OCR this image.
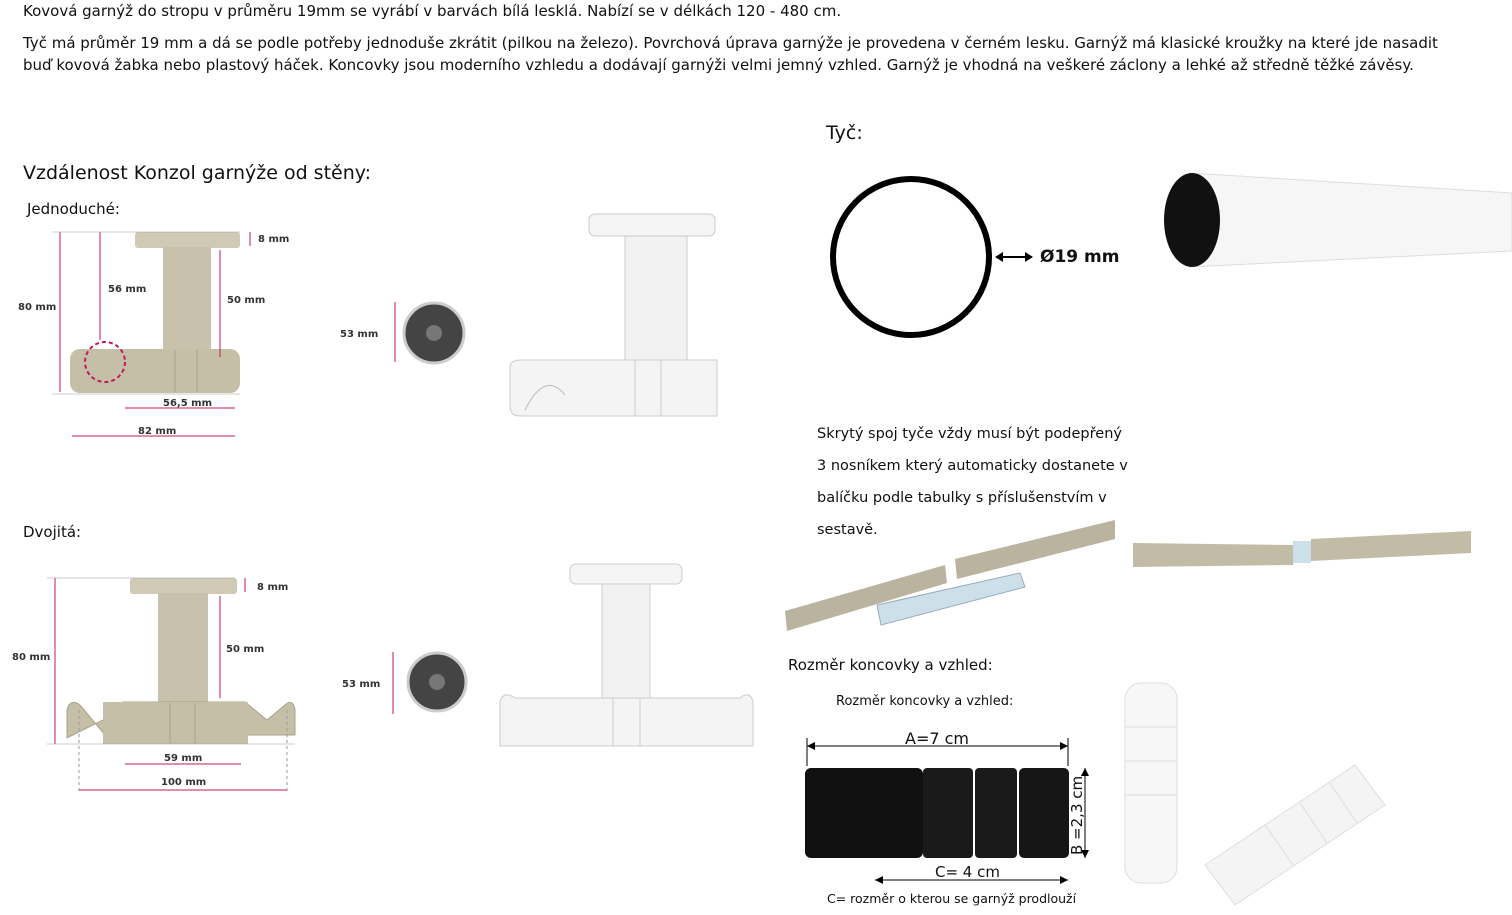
Kovová garnýž do stropu v průměru 19mm se vyrábí v barvách bílá lesklá. Nabízí se v délkách 120 - 480 cm.

Tyč má průměr 19 mm a dá se podle potřeby jednoduše zkrátit (pilkou na železo). Povrchová úprava garnýže je provedena v černém lesku. Garnýž má klasické kroužky na které jde nasadit buď kovová žabka nebo plastový háček. Koncovky jsou moderního vzhledu a dodávají garnýži velmi jemný vzhled. Garnýž je vhodná na veškeré záclony a lehké až středně těžké závěsy.

Vzdálenost Konzol garnýže od stěny:
Jednoduché:
Dvojitá:
8 mm
80 mm
56 mm
50 mm
56,5 mm
82 mm
53 mm
8 mm
80 mm
50 mm
59 mm
100 mm
53 mm
Tyč:
Ø19 mm
Skrytý spoj tyče vždy musí být podepřený
3 nosníkem který automaticky dostanete v
balíčku podle tabulky s příslušenstvím v sestavě.
Rozměr koncovky a vzhled:
Rozměr koncovky a vzhled:
A=7 cm
B =2,3 cm
C= 4 cm
C= rozměr o kterou se garnýž prodlouží
